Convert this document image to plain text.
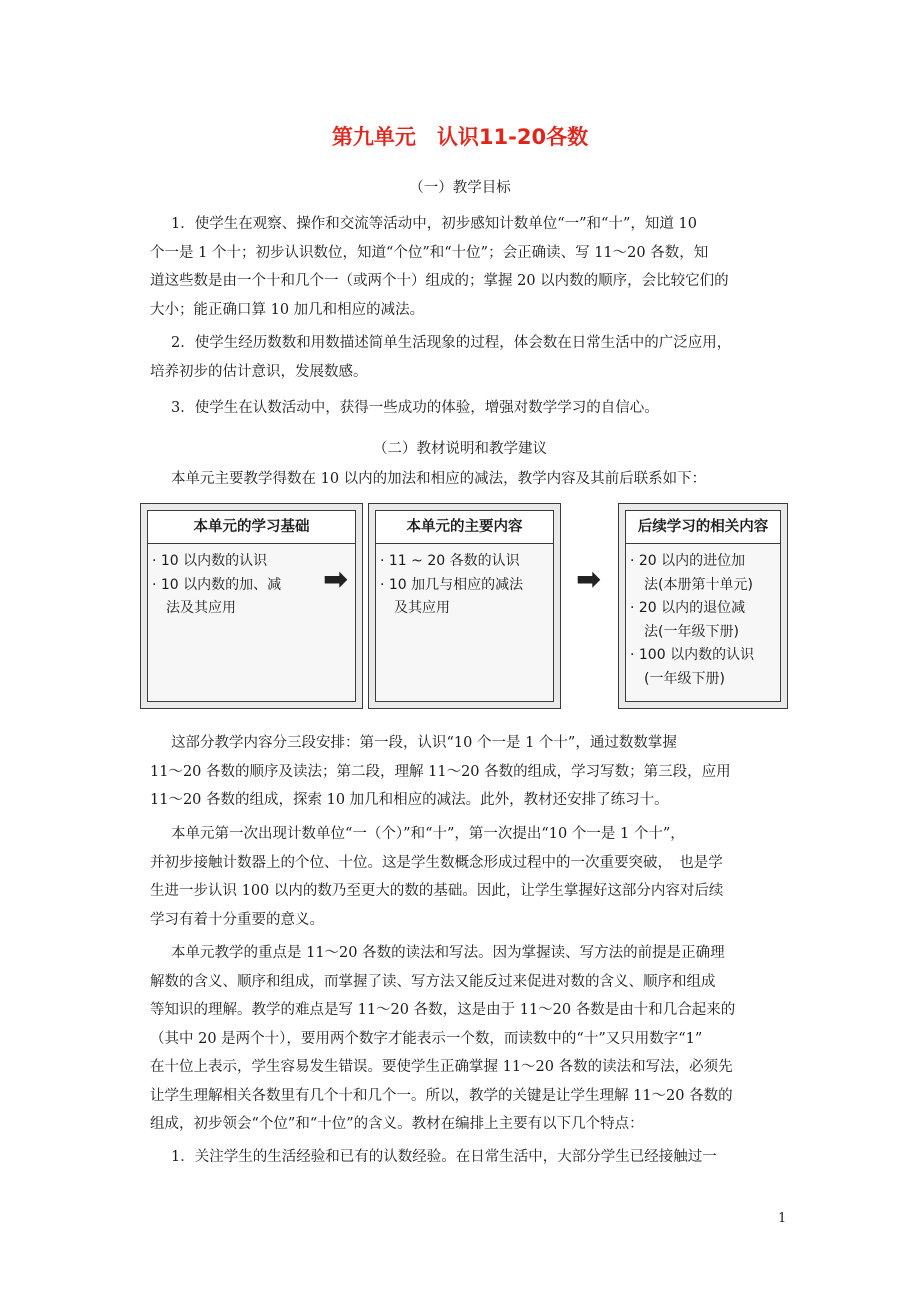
第九单元　认识11-20各数
（一）教学目标
1．使学生在观察、操作和交流等活动中，初步感知计数单位“一”和“十”，知道 10
个一是 1 个十；初步认识数位，知道“个位”和“十位”；会正确读、写 11～20 各数，知
道这些数是由一个十和几个一（或两个十）组成的；掌握 20 以内数的顺序，会比较它们的
大小；能正确口算 10 加几和相应的减法。
2．使学生经历数数和用数描述简单生活现象的过程，体会数在日常生活中的广泛应用，
培养初步的估计意识，发展数感。
3．使学生在认数活动中，获得一些成功的体验，增强对数学学习的自信心。
（二）教材说明和教学建议
本单元主要教学得数在 10 以内的加法和相应的减法，教学内容及其前后联系如下：
本单元的学习基础
· 10 以内数的认识
· 10 以内数的加、减
　法及其应用
➡
本单元的主要内容
· 11 ~ 20 各数的认识
· 10 加几与相应的减法
　及其应用
➡
后续学习的相关内容
· 20 以内的进位加
　法(本册第十单元)
· 20 以内的退位减
　法(一年级下册)
· 100 以内数的认识
　(一年级下册)
这部分教学内容分三段安排：第一段，认识“10 个一是 1 个十”，通过数数掌握
11～20 各数的顺序及读法；第二段，理解 11～20 各数的组成，学习写数；第三段，应用
11～20 各数的组成，探索 10 加几和相应的减法。此外，教材还安排了练习十。
本单元第一次出现计数单位“一（个）”和“十”，第一次提出“10 个一是 1 个十”，
并初步接触计数器上的个位、十位。这是学生数概念形成过程中的一次重要突破，　也是学
生进一步认识 100 以内的数乃至更大的数的基础。因此，让学生掌握好这部分内容对后续
学习有着十分重要的意义。
本单元教学的重点是 11～20 各数的读法和写法。因为掌握读、写方法的前提是正确理
解数的含义、顺序和组成，而掌握了读、写方法又能反过来促进对数的含义、顺序和组成
等知识的理解。教学的难点是写 11～20 各数，这是由于 11～20 各数是由十和几合起来的
（其中 20 是两个十），要用两个数字才能表示一个数，而读数中的“十”又只用数字“1”
在十位上表示，学生容易发生错误。要使学生正确掌握 11～20 各数的读法和写法，必须先
让学生理解相关各数里有几个十和几个一。所以，教学的关键是让学生理解 11～20 各数的
组成，初步领会“个位”和“十位”的含义。教材在编排上主要有以下几个特点：
1．关注学生的生活经验和已有的认数经验。在日常生活中，大部分学生已经接触过一
1
